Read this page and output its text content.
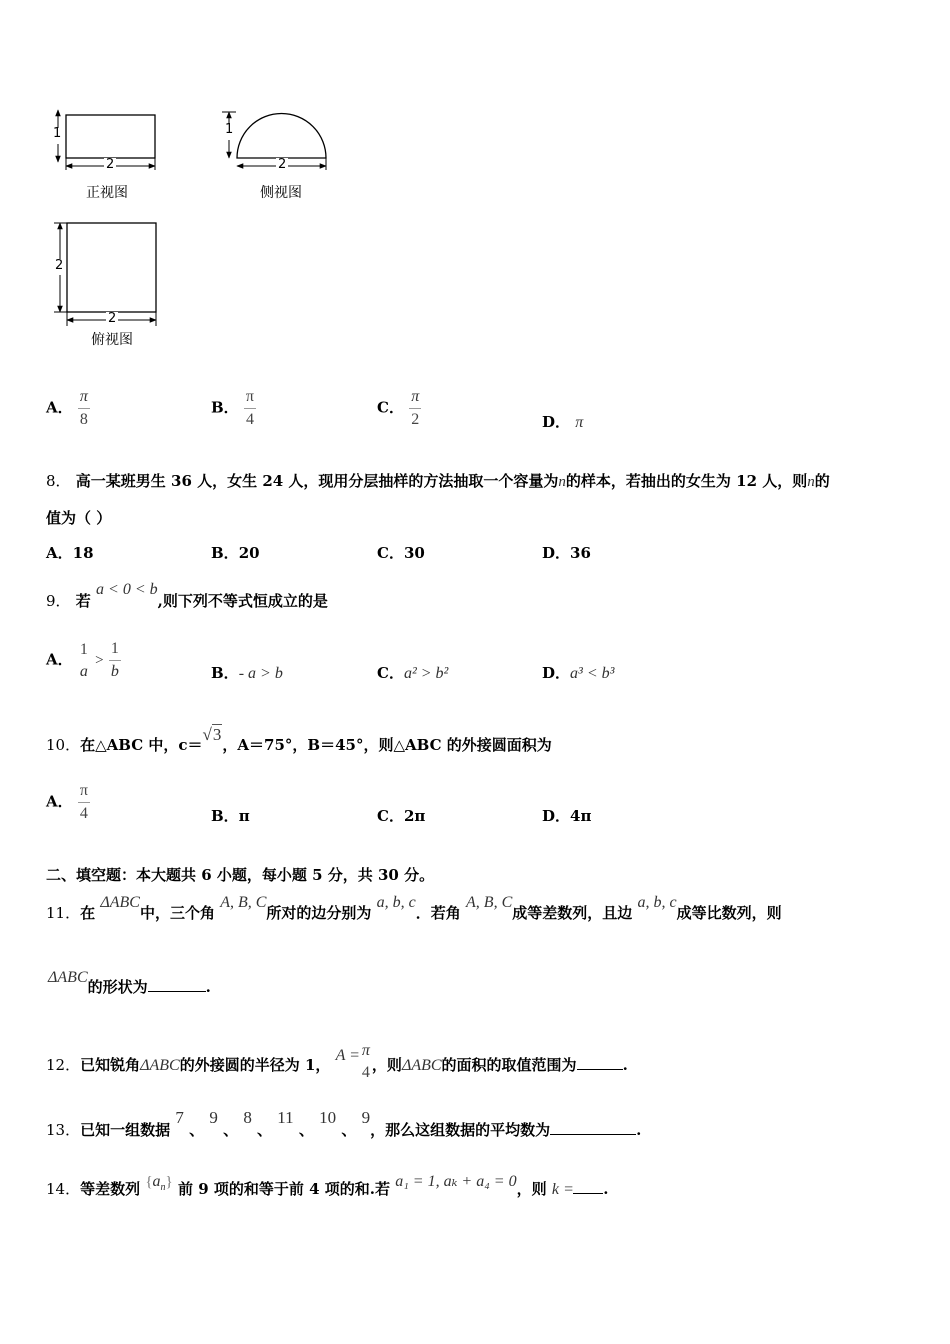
1
2
正视图
1
2
侧视图
2
2
俯视图
A． $\frac{\pi}{8}$	B． $\frac{\pi}{4}$	C． $\frac{\pi}{2}$	D． π
8． 高一某班男生 36 人，女生 24 人，现用分层抽样的方法抽取一个容量为n的样本，若抽出的女生为 12 人，则n的
值为（ ）
A．18	B．20	C．30	D．36
9． 若 a < 0 < b,则下列不等式恒成立的是
A．
1
a
> $\frac{1}{b}$	B．- a > b	C．a² > b²	D．a³ < b³
10．在△ABC 中，c＝√3，A＝75°，B＝45°，则△ABC 的外接圆面积为
A． $\frac{\pi}{4}$	B．π	C．2π	D．4π
二、填空题：本大题共 6 小题，每小题 5 分，共 30 分。
11．在 ΔABC中，三个角 A, B, C所对的边分别为 a, b, c．若角 A, B, C成等差数列，且边 a, b, c成等比数列，则
ΔABC的形状为	.
12．已知锐角ΔABC的外接圆的半径为 1， A = π
4 ，则ΔABC的面积的取值范围为	.
13．已知一组数据 7 、 9 、 8 、 11 、 10 、 9，那么这组数据的平均数为	.
14．等差数列 $\{a_n\}$ 前 9 项的和等于前 4 项的和.若 a₁ = 1, aₖ + a₄ = 0，则 k = .
